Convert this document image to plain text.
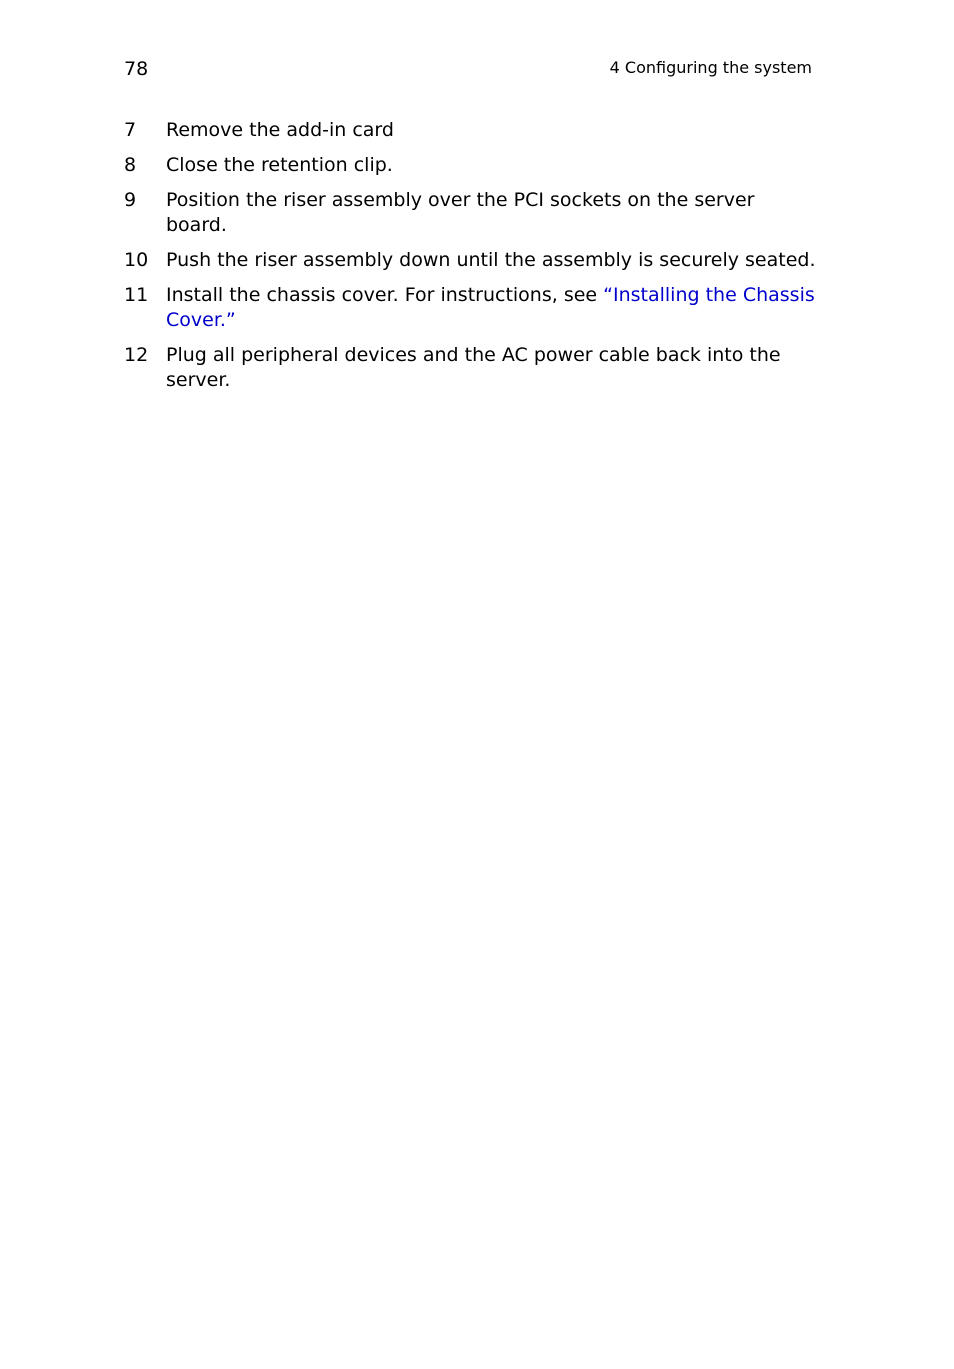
78	4 Configuring the system
7	Remove the add-in card
8	Close the retention clip.
9	Position the riser assembly over the PCI sockets on the server
board.
10 Push the riser assembly down until the assembly is securely seated.
11 Install the chassis cover. For instructions, see “Installing the Chassis
Cover.”
12 Plug all peripheral devices and the AC power cable back into the
server.
